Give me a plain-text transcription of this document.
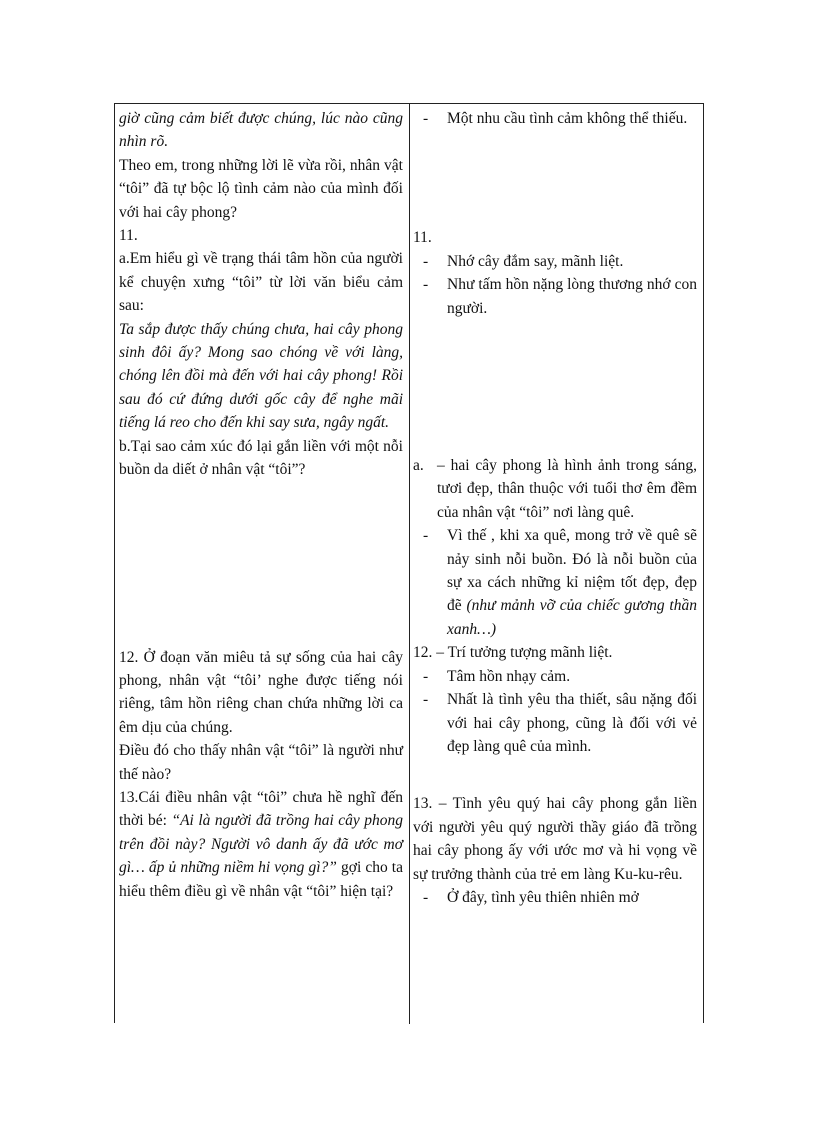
giờ cũng cảm biết được chúng, lúc nào cũng nhìn rõ.

Theo em, trong những lời lẽ vừa rồi, nhân vật “tôi” đã tự bộc lộ tình cảm nào của mình đối với hai cây phong?

11.

a.Em hiểu gì về trạng thái tâm hồn của người kể chuyện xưng “tôi” từ lời văn biểu cảm sau:

Ta sắp được thấy chúng chưa, hai cây phong sinh đôi ấy? Mong sao chóng về với làng, chóng lên đồi mà đến với hai cây phong! Rồi sau đó cứ đứng dưới gốc cây để nghe mãi tiếng lá reo cho đến khi say sưa, ngây ngất.

b.Tại sao cảm xúc đó lại gắn liền với một nỗi buồn da diết ở nhân vật “tôi”?

12. Ở đoạn văn miêu tả sự sống của hai cây phong, nhân vật “tôi’ nghe được tiếng nói riêng, tâm hồn riêng chan chứa những lời ca êm dịu của chúng.

Điều đó cho thấy nhân vật “tôi” là người như thế nào?

13.Cái điều nhân vật “tôi” chưa hề nghĩ đến thời bé: “Ai là người đã trồng hai cây phong trên đồi này? Người vô danh ấy đã ước mơ gì… ấp ủ những niềm hi vọng gì?” gợi cho ta hiểu thêm điều gì về nhân vật “tôi” hiện tại?

- Một nhu cầu tình cảm không thể thiếu.

11.

- Nhớ cây đắm say, mãnh liệt.

- Như tấm hồn nặng lòng thương nhớ con người.

a. – hai cây phong là hình ảnh trong sáng, tươi đẹp, thân thuộc với tuổi thơ êm đềm của nhân vật “tôi” nơi làng quê.

- Vì thế , khi xa quê, mong trở về quê sẽ nảy sinh nỗi buồn. Đó là nỗi buồn của sự xa cách những kỉ niệm tốt đẹp, đẹp đẽ (như mảnh vỡ của chiếc gương thần xanh…)

12. – Trí tưởng tượng mãnh liệt.

- Tâm hồn nhạy cảm.

- Nhất là tình yêu tha thiết, sâu nặng đối với hai cây phong, cũng là đối với vẻ đẹp làng quê của mình.

13. – Tình yêu quý hai cây phong gắn liền với người yêu quý người thầy giáo đã trồng hai cây phong ấy với ước mơ và hi vọng về sự trưởng thành của trẻ em làng Ku-ku-rêu.

- Ở đây, tình yêu thiên nhiên mở
